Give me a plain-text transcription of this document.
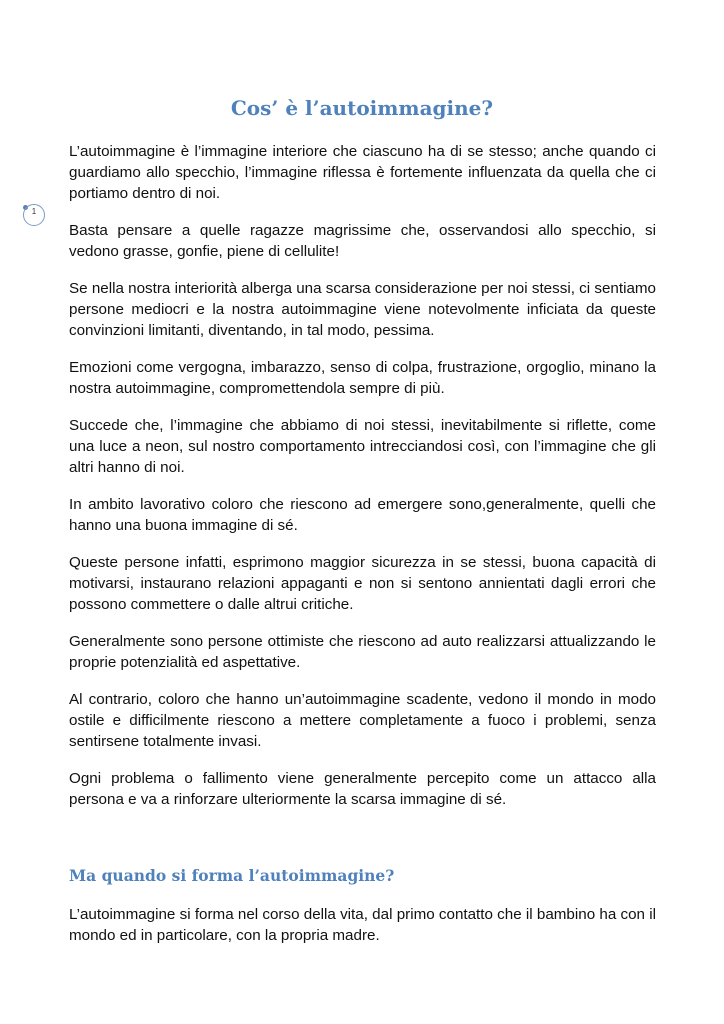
Cos’ è l’autoimmagine?
1

L’autoimmagine è l’immagine interiore che ciascuno ha di se stesso; anche quando ci guardiamo allo specchio, l’immagine riflessa è fortemente influenzata da quella che ci portiamo dentro di noi.

Basta pensare a quelle ragazze magrissime che, osservandosi allo specchio, si vedono grasse, gonfie, piene di cellulite!

Se nella nostra interiorità alberga una scarsa considerazione per noi stessi, ci sentiamo persone mediocri e la nostra autoimmagine viene notevolmente inficiata da queste convinzioni limitanti, diventando, in tal modo, pessima.

Emozioni come vergogna, imbarazzo, senso di colpa, frustrazione, orgoglio, minano la nostra autoimmagine, compromettendola sempre di più.

Succede che, l’immagine che abbiamo di noi stessi, inevitabilmente si riflette, come una luce a neon, sul nostro comportamento intrecciandosi così, con l’immagine che gli altri hanno di noi.

In ambito lavorativo coloro che riescono ad emergere sono,generalmente, quelli che hanno una buona immagine di sé.

Queste persone infatti, esprimono maggior sicurezza in se stessi, buona capacità di motivarsi, instaurano relazioni appaganti e non si sentono annientati dagli errori che possono commettere o dalle altrui critiche.

Generalmente sono persone ottimiste che riescono ad auto realizzarsi attualizzando le proprie potenzialità ed aspettative.

Al contrario, coloro che hanno un’autoimmagine scadente, vedono il mondo in modo ostile e difficilmente riescono a mettere completamente a fuoco i problemi, senza sentirsene totalmente invasi.

Ogni problema o fallimento viene generalmente percepito come un attacco alla persona e va a rinforzare ulteriormente la scarsa immagine di sé.

Ma quando si forma l’autoimmagine?

L’autoimmagine si forma nel corso della vita, dal primo contatto che il bambino ha con il mondo ed in particolare, con la propria madre.
